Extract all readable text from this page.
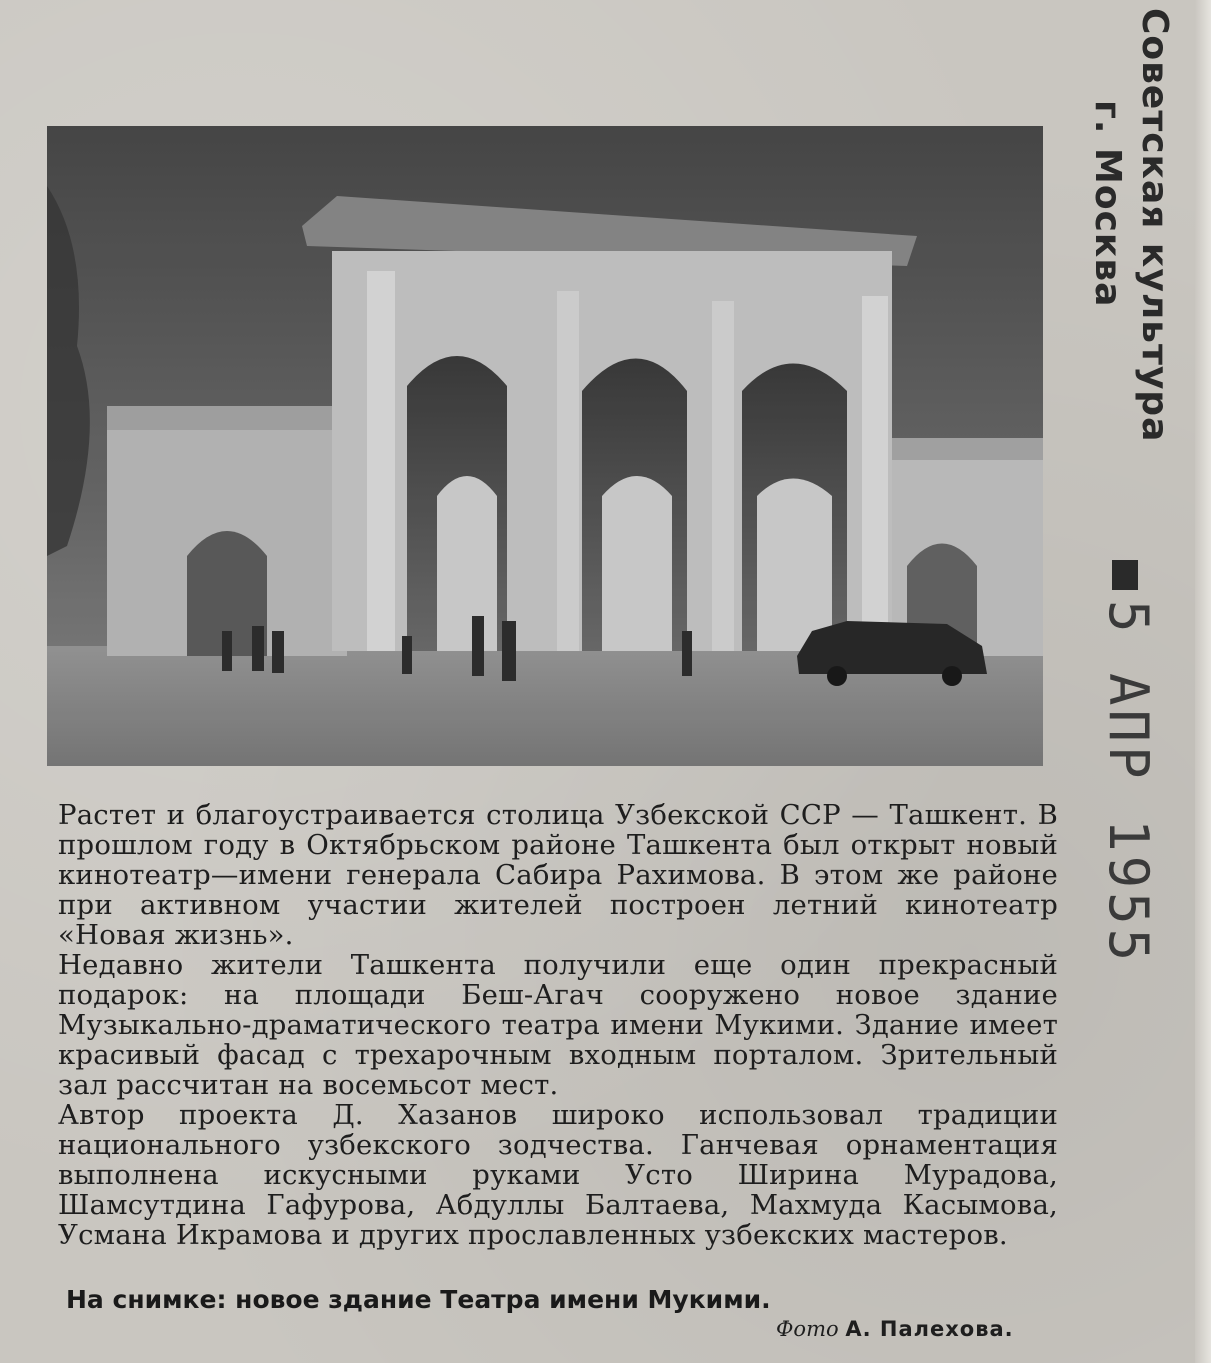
Растет и благоустраивается столица Узбекской ССР — Ташкент. В прошлом году в Октябрьском районе Ташкента был открыт новый кинотеатр—имени генерала Сабира Рахимова. В этом же районе при активном участии жителей построен летний кинотеатр «Новая жизнь».

Недавно жители Ташкента получили еще один прекрасный подарок: на площади Беш-Агач сооружено новое здание Музыкально-драматического театра имени Мукими. Здание имеет красивый фасад с трехарочным входным порталом. Зрительный зал рассчитан на восемьсот мест.

Автор проекта Д. Хазанов широко использовал традиции национального узбекского зодчества. Ганчевая орнаментация выполнена искусными руками Усто Ширина Мурадова, Шамсутдина Гафурова, Абдуллы Балтаева, Махмуда Касымова, Усмана Икрамова и других прославленных узбекских мастеров.

На снимке: новое здание Театра имени Мукими.
Фото А. Палехова.
Советская культура
г. Москва
5 АПР 1955
